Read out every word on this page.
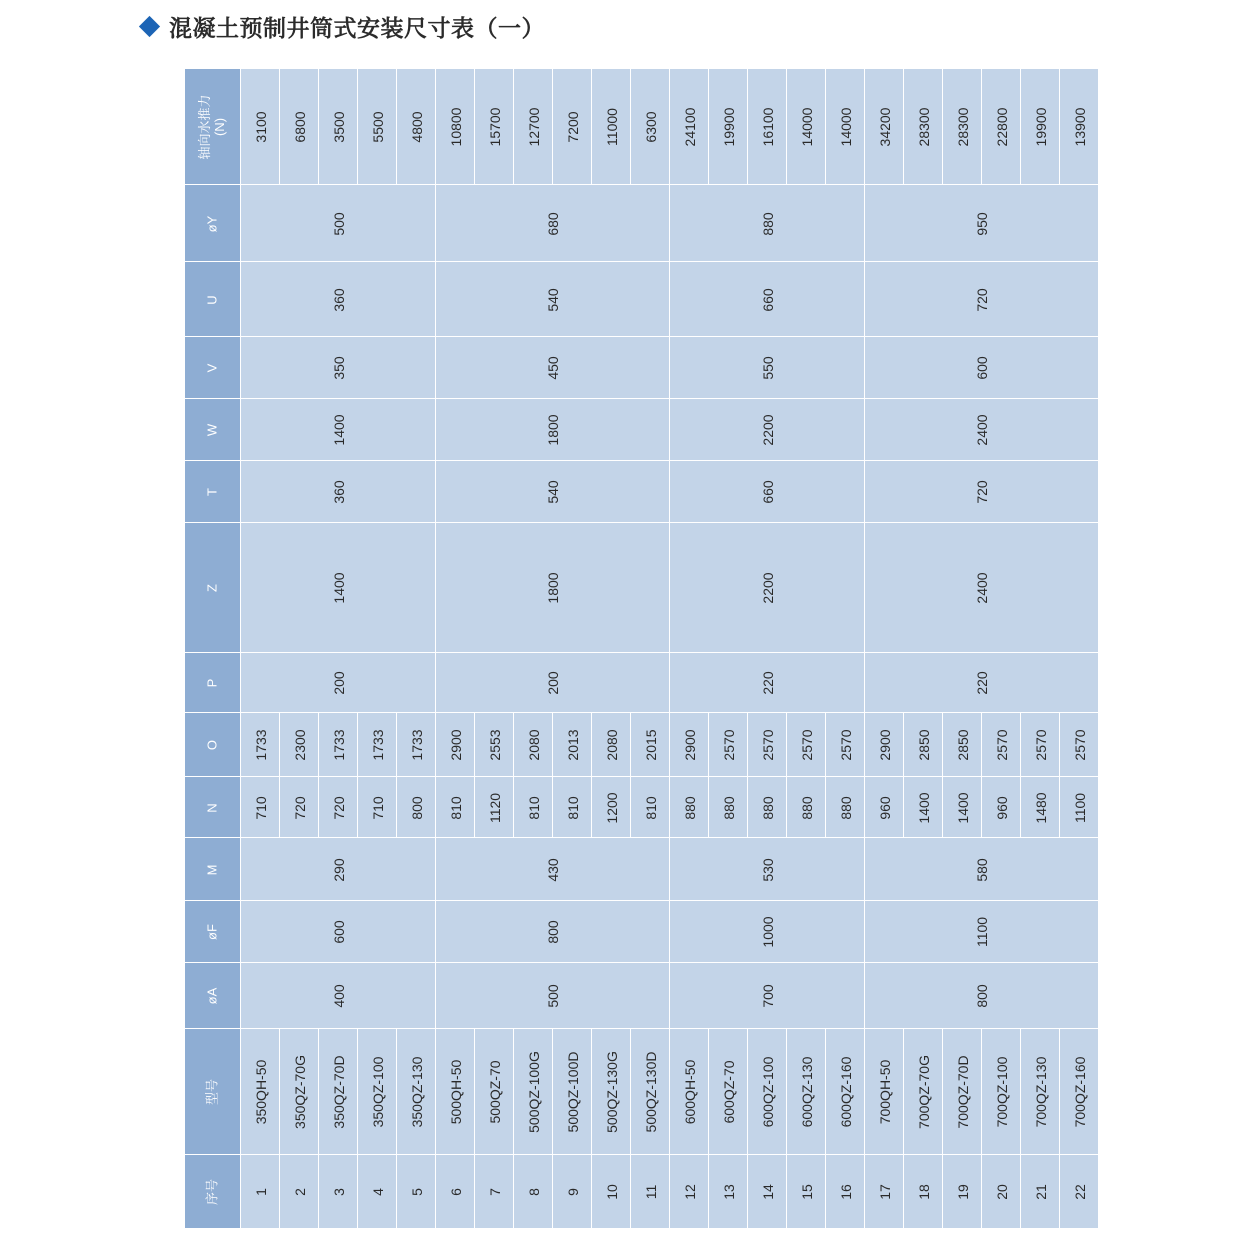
混凝土预制井筒式安装尺寸表（一）
轴向水推力
(N) 3100 6800 3500 5500 4800 10800 15700 12700 7200 11000 6300 24100 19900 16100 14000 14000 34200 28300 28300 22800 19900 13900
øY	500	680	880	950
U	360	540	660	720
V	350	450	550	600
W	1400	1800	2200	2400
T	360	540	660	720
Z	1400	1800	2200	2400
P	200	200	220	220
O 1733 2300 1733 1733 1733 2900 2553 2080 2013 2080 2015 2900 2570 2570 2570 2570 2900 2850 2850 2570 2570 2570
N 710 720 720 710 800 810 1120 810 810 1200 810 880 880 880 880 880 960 1400 1400 960 1480 1100
M	290	430	530	580
øF	600	800	1000	1100
øA	400	500	700	800
型号 350QH-50 350QZ-70G 350QZ-70D 350QZ-100 350QZ-130 500QH-50 500QZ-70 500QZ-100G 500QZ-100D 500QZ-130G 500QZ-130D 600QH-50 600QZ-70 600QZ-100 600QZ-130 600QZ-160 700QH-50 700QZ-70G 700QZ-70D 700QZ-100 700QZ-130 700QZ-160
序号 1 2 3 4 5 6 7 8 9 10 11 12 13 14 15 16 17 18 19 20 21 22
